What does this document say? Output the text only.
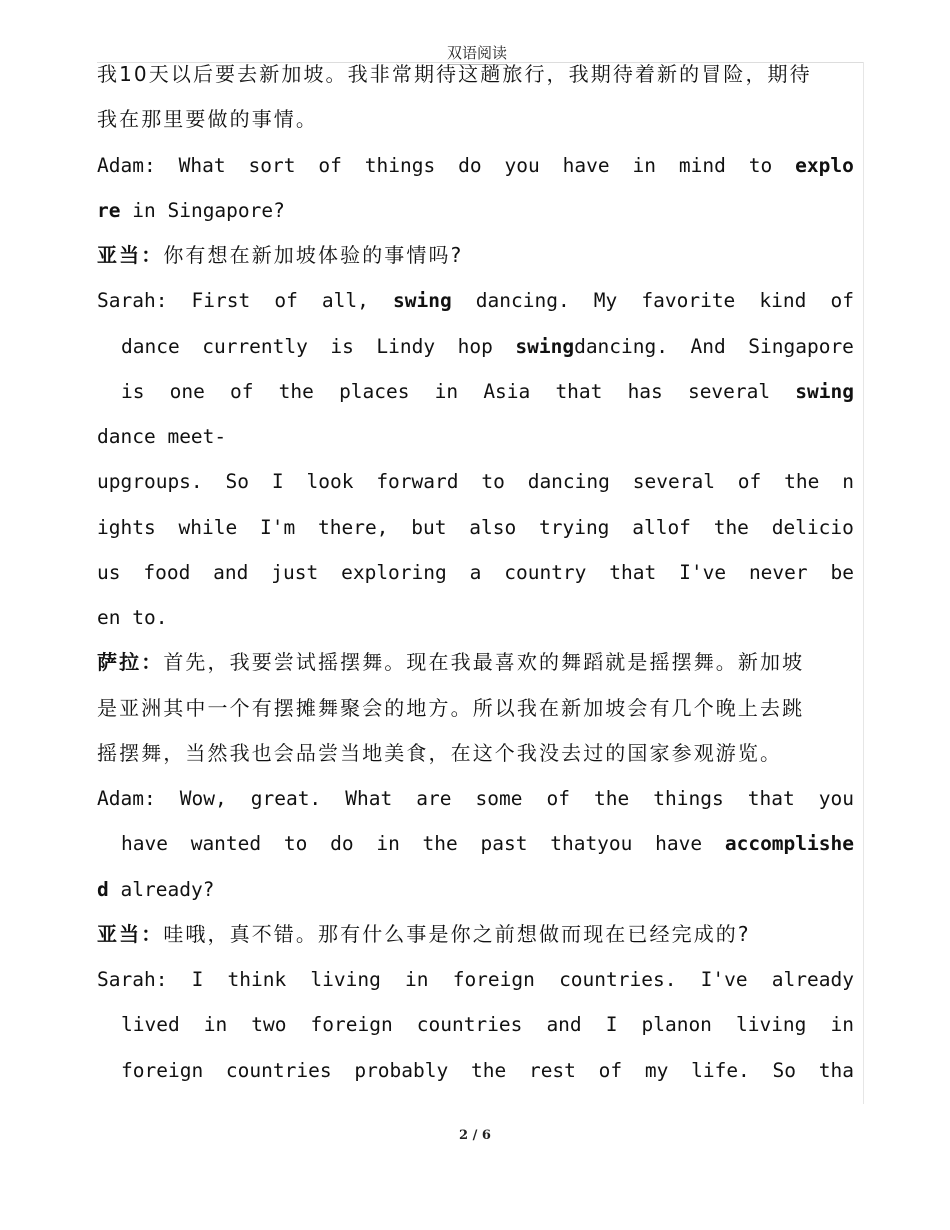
双语阅读
我10天以后要去新加坡。我非常期待这趟旅行，我期待着新的冒险，期待
我在那里要做的事情。
Adam: What sort of things do you have in mind to explo
re in Singapore?
亚当：你有想在新加坡体验的事情吗?
Sarah: First of all, swing dancing. My favorite kind of
dance currently is Lindy hop swingdancing. And Singapore
is one of the places in Asia that has several swing
dance meet-
upgroups. So I look forward to dancing several of the n
ights while I'm there, but also trying allof the delicio
us food and just exploring a country that I've never be
en to.
萨拉：首先，我要尝试摇摆舞。现在我最喜欢的舞蹈就是摇摆舞。新加坡
是亚洲其中一个有摆摊舞聚会的地方。所以我在新加坡会有几个晚上去跳
摇摆舞，当然我也会品尝当地美食，在这个我没去过的国家参观游览。
Adam: Wow, great. What are some of the things that you
have wanted to do in the past thatyou have accomplishe
d already?
亚当：哇哦，真不错。那有什么事是你之前想做而现在已经完成的?
Sarah: I think living in foreign countries. I've already
lived in two foreign countries and I planon living in
foreign countries probably the rest of my life. So tha
2 / 6
